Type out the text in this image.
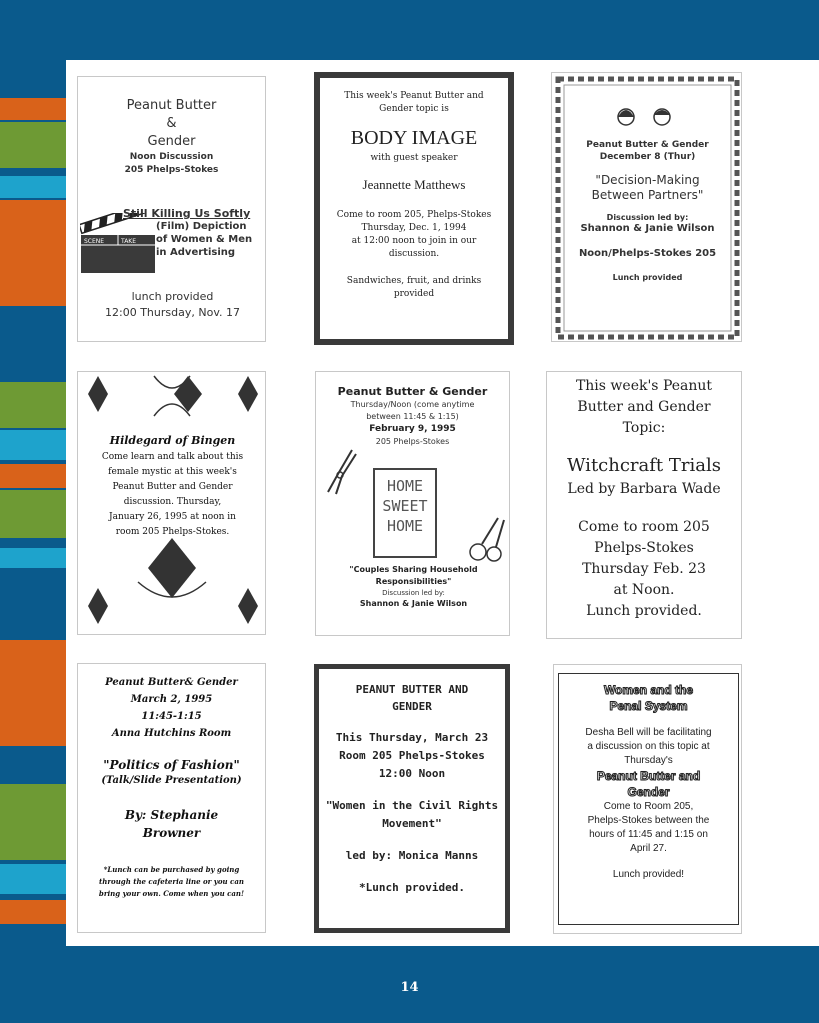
Peanut Butter
&
Gender
Noon Discussion
205 Phelps-Stokes
SCENE	TAKE
Still Killing Us Softly
(Film) Depiction
of Women & Men
in Advertising
lunch provided
12:00 Thursday, Nov. 17
This week's Peanut Butter and
Gender topic is
BODY IMAGE
with guest speaker
Jeannette Matthews
Come to room 205, Phelps-Stokes
Thursday, Dec. 1, 1994
at 12:00 noon to join in our
discussion.
Sandwiches, fruit, and drinks
provided
Peanut Butter & Gender
December 8 (Thur)
"Decision-Making
Between Partners"
Discussion led by:
Shannon & Janie Wilson
Noon/Phelps-Stokes 205
Lunch provided
Hildegard of Bingen
Come learn and talk about this
female mystic at this week's
Peanut Butter and Gender
discussion. Thursday,
January 26, 1995 at noon in
room 205 Phelps-Stokes.
Peanut Butter & Gender
Thursday/Noon (come anytime
between 11:45 & 1:15)
February 9, 1995
205 Phelps-Stokes
HOME
SWEET
HOME
"Couples Sharing Household
Responsibilities"
Discussion led by:
Shannon & Janie Wilson
This week's Peanut
Butter and Gender
Topic:
Witchcraft Trials
Led by Barbara Wade
Come to room 205
Phelps-Stokes
Thursday Feb. 23
at Noon.
Lunch provided.
Peanut Butter& Gender
March 2, 1995
11:45-1:15
Anna Hutchins Room
"Politics of Fashion"
(Talk/Slide Presentation)
By: Stephanie
Browner
*Lunch can be purchased by going
through the cafeteria line or you can
bring your own. Come when you can!
PEANUT BUTTER AND
GENDER
This Thursday, March 23
Room 205 Phelps-Stokes
12:00 Noon
"Women in the Civil Rights
Movement"
led by: Monica Manns
*Lunch provided.
Women and the
Penal System
Desha Bell will be facilitating
a discussion on this topic at
Thursday's
Peanut Butter and
Gender
Come to Room 205,
Phelps-Stokes between the
hours of 11:45 and 1:15 on
April 27.
Lunch provided!
14
